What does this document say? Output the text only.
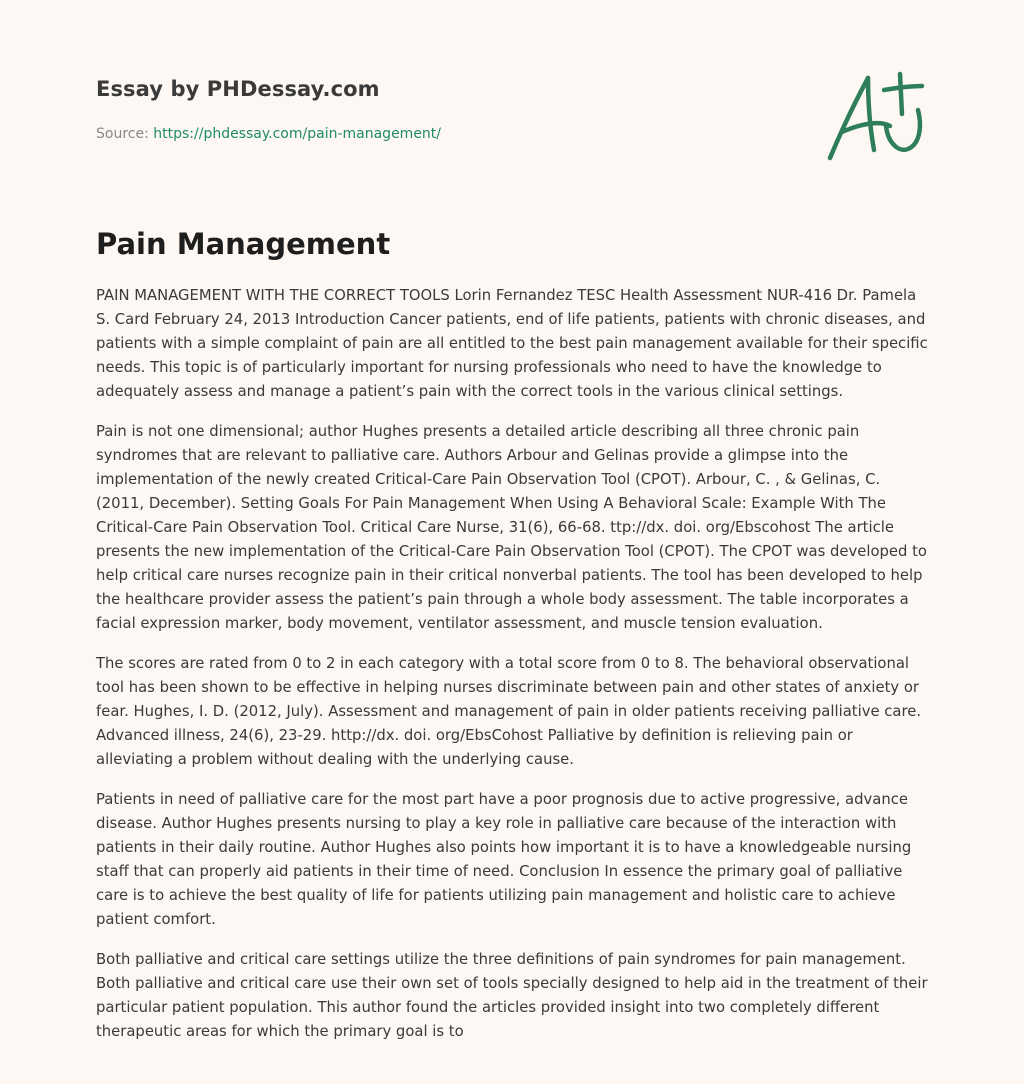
Essay by PHDessay.com
Source: https://phdessay.com/pain-management/
Pain Management

PAIN MANAGEMENT WITH THE CORRECT TOOLS Lorin Fernandez TESC Health Assessment NUR-416 Dr. Pamela S. Card February 24, 2013 Introduction Cancer patients, end of life patients, patients with chronic diseases, and patients with a simple complaint of pain are all entitled to the best pain management available for their specific needs. This topic is of particularly important for nursing professionals who need to have the knowledge to adequately assess and manage a patient’s pain with the correct tools in the various clinical settings.

Pain is not one dimensional; author Hughes presents a detailed article describing all three chronic pain syndromes that are relevant to palliative care. Authors Arbour and Gelinas provide a glimpse into the implementation of the newly created Critical-Care Pain Observation Tool (CPOT). Arbour, C. , & Gelinas, C. (2011, December). Setting Goals For Pain Management When Using A Behavioral Scale: Example With The Critical-Care Pain Observation Tool. Critical Care Nurse, 31(6), 66-68. ttp://dx. doi. org/Ebscohost The article presents the new implementation of the Critical-Care Pain Observation Tool (CPOT). The CPOT was developed to help critical care nurses recognize pain in their critical nonverbal patients. The tool has been developed to help the healthcare provider assess the patient’s pain through a whole body assessment. The table incorporates a facial expression marker, body movement, ventilator assessment, and muscle tension evaluation.

The scores are rated from 0 to 2 in each category with a total score from 0 to 8. The behavioral observational tool has been shown to be effective in helping nurses discriminate between pain and other states of anxiety or fear. Hughes, I. D. (2012, July). Assessment and management of pain in older patients receiving palliative care. Advanced illness, 24(6), 23-29. http://dx. doi. org/EbsCohost Palliative by definition is relieving pain or alleviating a problem without dealing with the underlying cause.

Patients in need of palliative care for the most part have a poor prognosis due to active progressive, advance disease. Author Hughes presents nursing to play a key role in palliative care because of the interaction with patients in their daily routine. Author Hughes also points how important it is to have a knowledgeable nursing staff that can properly aid patients in their time of need. Conclusion In essence the primary goal of palliative care is to achieve the best quality of life for patients utilizing pain management and holistic care to achieve patient comfort.

Both palliative and critical care settings utilize the three definitions of pain syndromes for pain management. Both palliative and critical care use their own set of tools specially designed to help aid in the treatment of their particular patient population. This author found the articles provided insight into two completely different therapeutic areas for which the primary goal is to
